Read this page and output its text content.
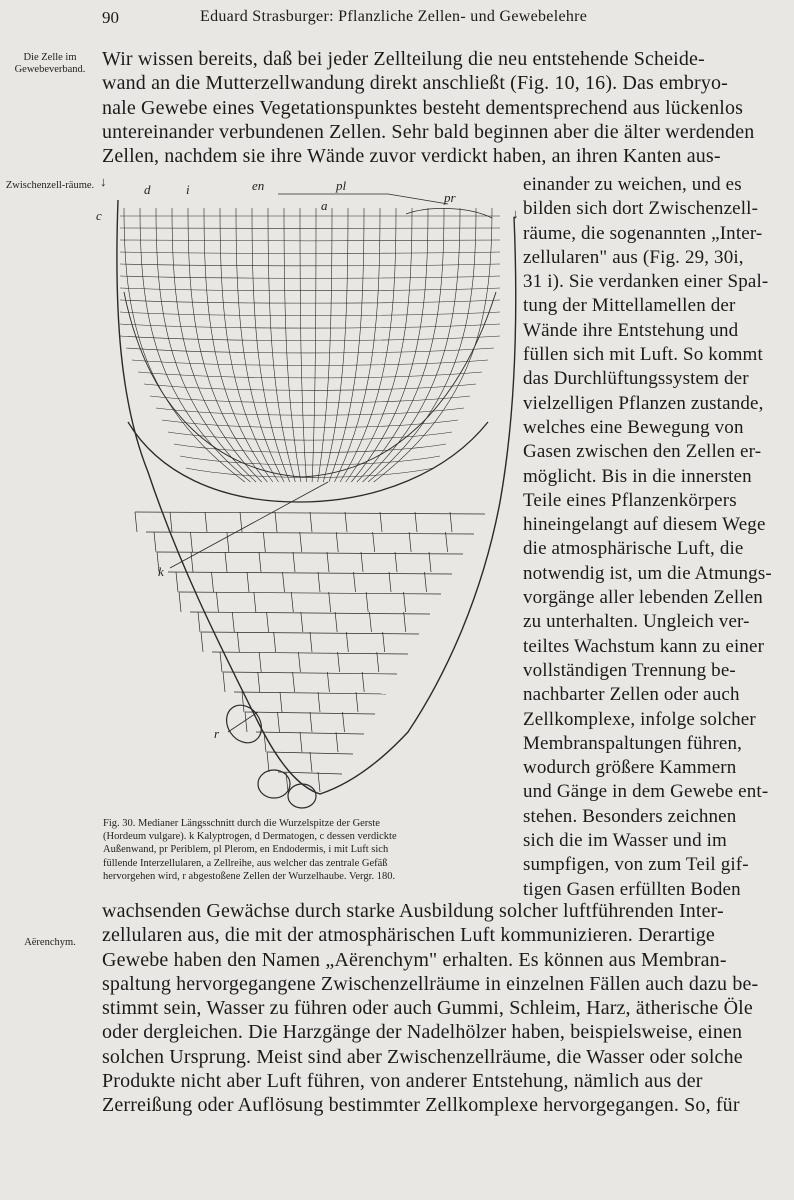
90	Eduard Strasburger: Pflanzliche Zellen- und Gewebelehre
Die Zelle im Gewebeverband.
Zwischenzell-räume.
Aërenchym.
Wir wissen bereits, daß bei jeder Zellteilung die neu entstehende Scheide-
wand an die Mutterzellwandung direkt anschließt (Fig. 10, 16). Das embryo-
nale Gewebe eines Vegetationspunktes besteht dementsprechend aus lückenlos
untereinander verbundenen Zellen. Sehr bald beginnen aber die älter werdenden
Zellen, nachdem sie ihre Wände zuvor verdickt haben, an ihren Kanten aus-
einander zu weichen, und es
bilden sich dort Zwischenzell-
räume, die sogenannten „Inter-
zellularen" aus (Fig. 29, 30i,
31 i). Sie verdanken einer Spal-
tung der Mittellamellen der
Wände ihre Entstehung und
füllen sich mit Luft. So kommt
das Durchlüftungssystem der
vielzelligen Pflanzen zustande,
welches eine Bewegung von
Gasen zwischen den Zellen er-
möglicht. Bis in die innersten
Teile eines Pflanzenkörpers
hineingelangt auf diesem Wege
die atmosphärische Luft, die
notwendig ist, um die Atmungs-
vorgänge aller lebenden Zellen
zu unterhalten. Ungleich ver-
teiltes Wachstum kann zu einer
vollständigen Trennung be-
nachbarter Zellen oder auch
Zellkomplexe, infolge solcher
Membranspaltungen führen,
wodurch größere Kammern
und Gänge in dem Gewebe ent-
stehen. Besonders zeichnen
sich die im Wasser und im
sumpfigen, von zum Teil gif-
tigen Gasen erfüllten Boden
↓
d	i	en	pl
a
pr
c	↓
k
r
Fig. 30. Medianer Längsschnitt durch die Wurzelspitze der Gerste
(Hordeum vulgare). k Kalyptrogen, d Dermatogen, c dessen verdickte
Außenwand, pr Periblem, pl Plerom, en Endodermis, i mit Luft sich
füllende Interzellularen, a Zellreihe, aus welcher das zentrale Gefäß
hervorgehen wird, r abgestoßene Zellen der Wurzelhaube. Vergr. 180.
wachsenden Gewächse durch starke Ausbildung solcher luftführenden Inter-
zellularen aus, die mit der atmosphärischen Luft kommunizieren. Derartige
Gewebe haben den Namen „Aërenchym" erhalten. Es können aus Membran-
spaltung hervorgegangene Zwischenzellräume in einzelnen Fällen auch dazu be-
stimmt sein, Wasser zu führen oder auch Gummi, Schleim, Harz, ätherische Öle
oder dergleichen. Die Harzgänge der Nadelhölzer haben, beispielsweise, einen
solchen Ursprung. Meist sind aber Zwischenzellräume, die Wasser oder solche
Produkte nicht aber Luft führen, von anderer Entstehung, nämlich aus der
Zerreißung oder Auflösung bestimmter Zellkomplexe hervorgegangen. So, für
